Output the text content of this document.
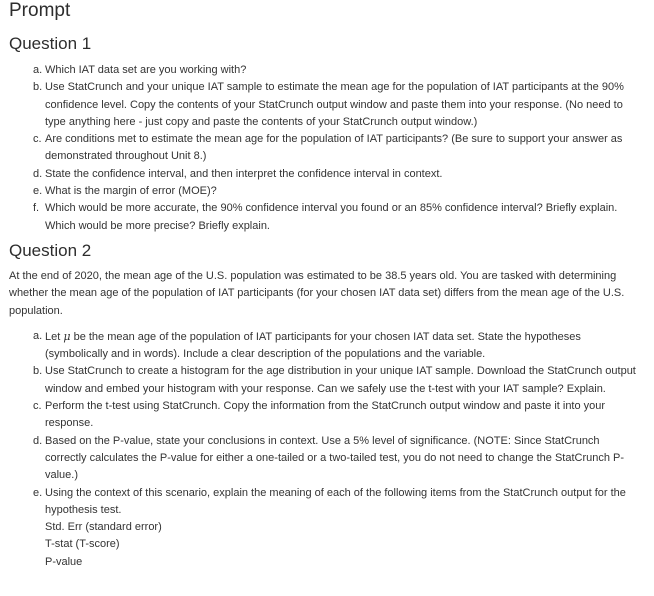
Prompt
Question 1
a. Which IAT data set are you working with?
b. Use StatCrunch and your unique IAT sample to estimate the mean age for the population of IAT participants at the 90% confidence level. Copy the contents of your StatCrunch output window and paste them into your response. (No need to type anything here - just copy and paste the contents of your StatCrunch output window.)
c. Are conditions met to estimate the mean age for the population of IAT participants? (Be sure to support your answer as demonstrated throughout Unit 8.)
d. State the confidence interval, and then interpret the confidence interval in context.
e. What is the margin of error (MOE)?
f. Which would be more accurate, the 90% confidence interval you found or an 85% confidence interval? Briefly explain. Which would be more precise? Briefly explain.
Question 2

At the end of 2020, the mean age of the U.S. population was estimated to be 38.5 years old. You are tasked with determining whether the mean age of the population of IAT participants (for your chosen IAT data set) differs from the mean age of the U.S. population.

a. Let μ be the mean age of the population of IAT participants for your chosen IAT data set. State the hypotheses (symbolically and in words). Include a clear description of the populations and the variable.
b. Use StatCrunch to create a histogram for the age distribution in your unique IAT sample. Download the StatCrunch output window and embed your histogram with your response. Can we safely use the t-test with your IAT sample? Explain.
c. Perform the t-test using StatCrunch. Copy the information from the StatCrunch output window and paste it into your response.
d. Based on the P-value, state your conclusions in context. Use a 5% level of significance. (NOTE: Since StatCrunch correctly calculates the P-value for either a one-tailed or a two-tailed test, you do not need to change the StatCrunch P-value.)
e. Using the context of this scenario, explain the meaning of each of the following items from the StatCrunch output for the hypothesis test.
Std. Err (standard error)
T-stat (T-score)
P-value
